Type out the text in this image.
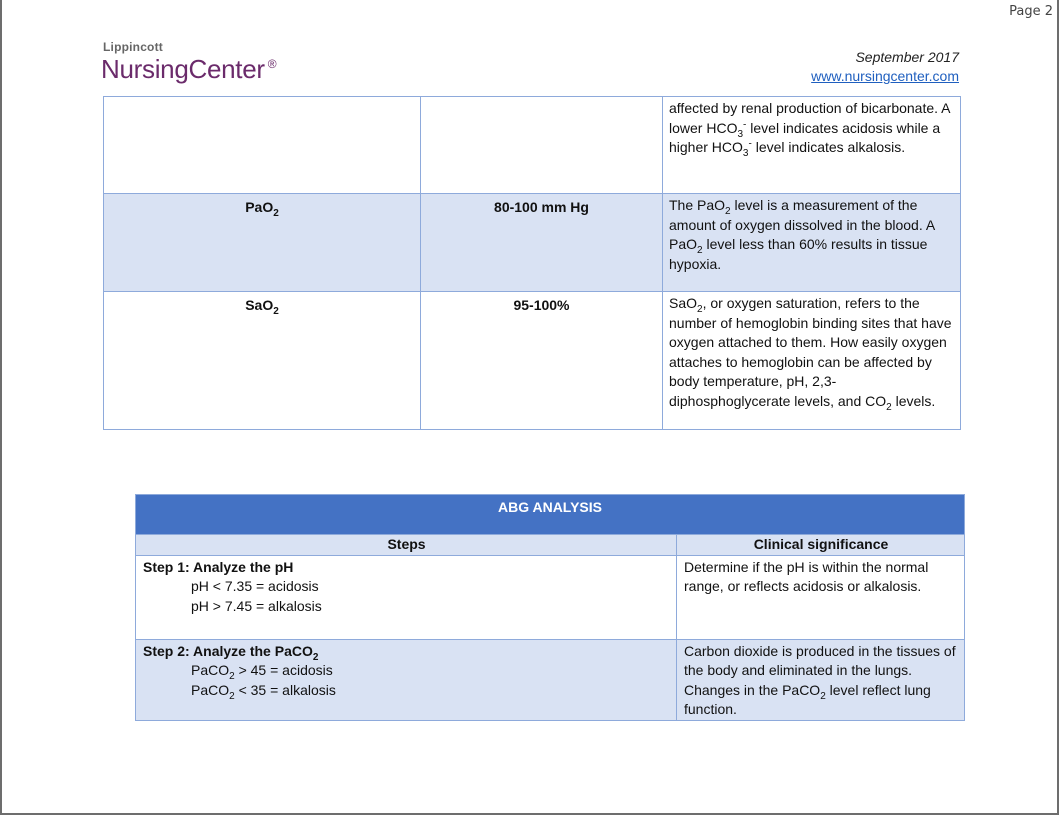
Page 2
Lippincott
NursingCenter ®	September 2017
www.nursingcenter.com
		affected by renal production of bicarbonate. A lower $HCO_3^-$ level indicates acidosis while a higher $HCO_3^-$ level indicates alkalosis.
PaO$_2$	80-100 mm Hg	The PaO$_2$ level is a measurement of the amount of oxygen dissolved in the blood. A PaO$_2$ level less than 60% results in tissue hypoxia.
SaO$_2$	95-100%	SaO$_2$, or oxygen saturation, refers to the number of hemoglobin binding sites that have oxygen attached to them. How easily oxygen attaches to hemoglobin can be affected by body temperature, pH, 2,3-diphosphoglycerate levels, and $CO_2$ levels.
ABG ANALYSIS	
Steps	Clinical significance

Step 1: Analyze the pH
pH < 7.35 = acidosis
pH > 7.45 = alkalosis	Determine if the pH is within the normal range, or reflects acidosis or alkalosis.

Step 2: Analyze the PaCO$_2$
PaCO$_2$ > 45 = acidosis
PaCO$_2$ < 35 = alkalosis	Carbon dioxide is produced in the tissues of the body and eliminated in the lungs. Changes in the PaCO$_2$ level reflect lung function.
